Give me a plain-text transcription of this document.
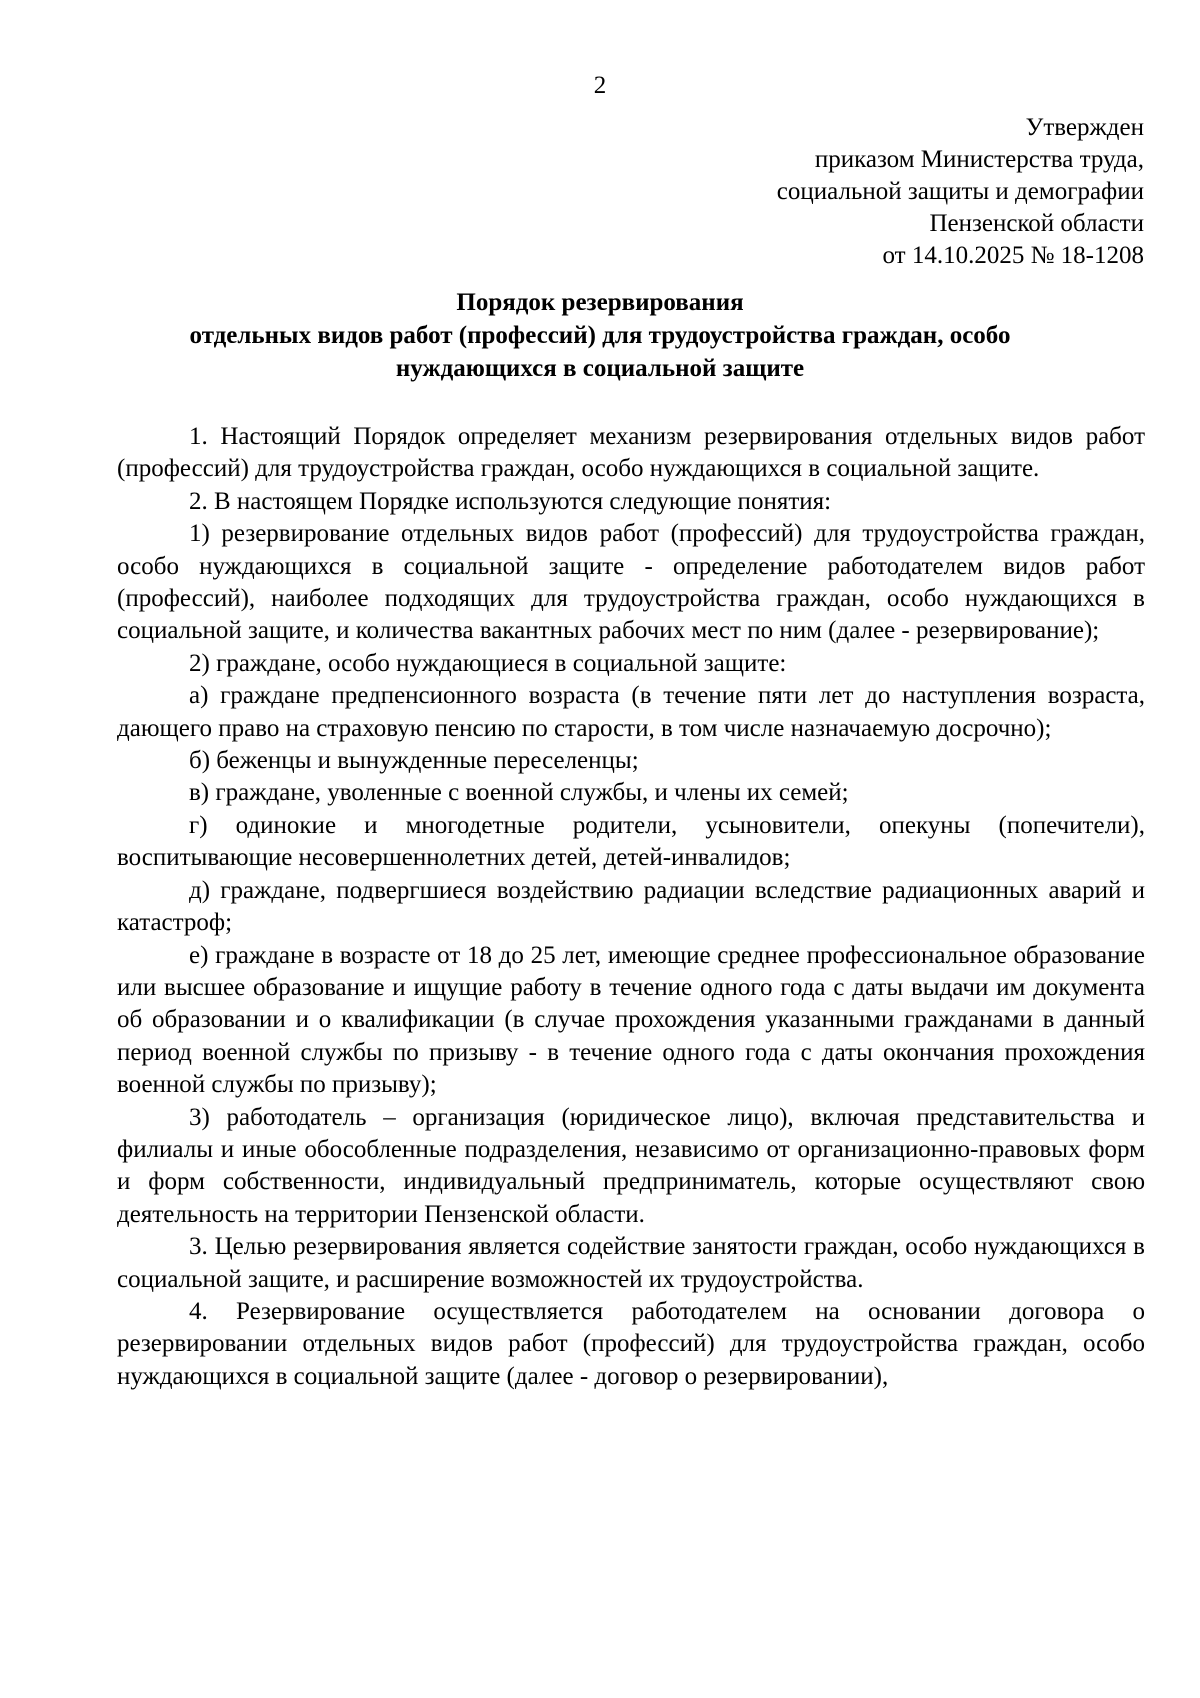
2
Утвержден
приказом Министерства труда,
социальной защиты и демографии
Пензенской области
от 14.10.2025 № 18-1208
Порядок резервирования
отдельных видов работ (профессий) для трудоустройства граждан, особо
нуждающихся в социальной защите

1. Настоящий Порядок определяет механизм резервирования отдельных видов работ (профессий) для трудоустройства граждан, особо нуждающихся в социальной защите.

2. В настоящем Порядке используются следующие понятия:

1) резервирование отдельных видов работ (профессий) для трудоустройства граждан, особо нуждающихся в социальной защите - определение работодателем видов работ (профессий), наиболее подходящих для трудоустройства граждан, особо нуждающихся в социальной защите, и количества вакантных рабочих мест по ним (далее - резервирование);

2) граждане, особо нуждающиеся в социальной защите:

а) граждане предпенсионного возраста (в течение пяти лет до наступления возраста, дающего право на страховую пенсию по старости, в том числе назначаемую досрочно);

б) беженцы и вынужденные переселенцы;

в) граждане, уволенные с военной службы, и члены их семей;

г) одинокие и многодетные родители, усыновители, опекуны (попечители), воспитывающие несовершеннолетних детей, детей-инвалидов;

д) граждане, подвергшиеся воздействию радиации вследствие радиационных аварий и катастроф;

е) граждане в возрасте от 18 до 25 лет, имеющие среднее профессиональное образование или высшее образование и ищущие работу в течение одного года с даты выдачи им документа об образовании и о квалификации (в случае прохождения указанными гражданами в данный период военной службы по призыву - в течение одного года с даты окончания прохождения военной службы по призыву);

3) работодатель – организация (юридическое лицо), включая представительства и филиалы и иные обособленные подразделения, независимо от организационно-правовых форм и форм собственности, индивидуальный предприниматель, которые осуществляют свою деятельность на территории Пензенской области.

3. Целью резервирования является содействие занятости граждан, особо нуждающихся в социальной защите, и расширение возможностей их трудоустройства.

4. Резервирование осуществляется работодателем на основании договора о резервировании отдельных видов работ (профессий) для трудоустройства граждан, особо нуждающихся в социальной защите (далее - договор о резервировании),
